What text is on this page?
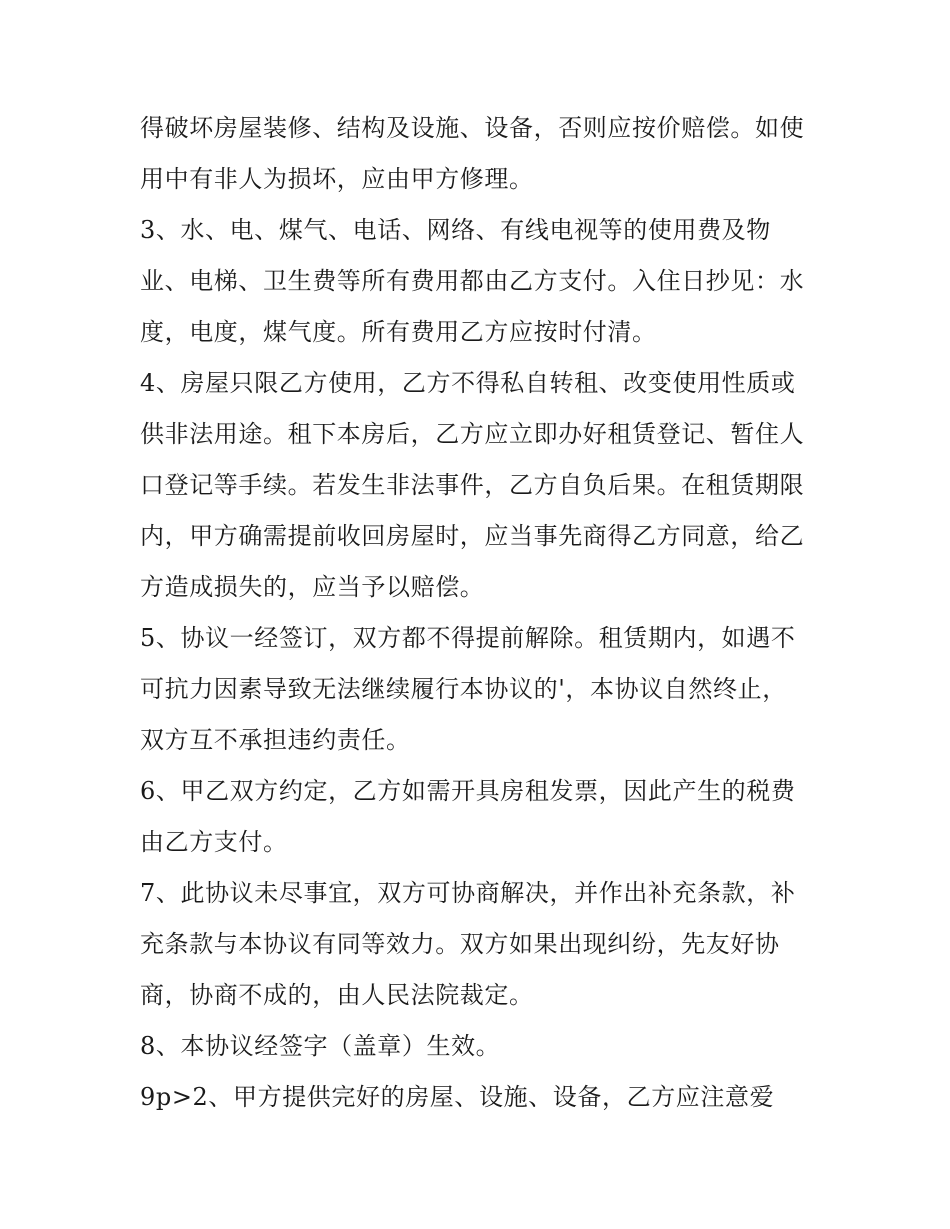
得破坏房屋装修、结构及设施、设备，否则应按价赔偿。如使
用中有非人为损坏，应由甲方修理。
3、水、电、煤气、电话、网络、有线电视等的使用费及物
业、电梯、卫生费等所有费用都由乙方支付。入住日抄见：水
度，电度，煤气度。所有费用乙方应按时付清。
4、房屋只限乙方使用，乙方不得私自转租、改变使用性质或
供非法用途。租下本房后，乙方应立即办好租赁登记、暂住人
口登记等手续。若发生非法事件，乙方自负后果。在租赁期限
内，甲方确需提前收回房屋时，应当事先商得乙方同意，给乙
方造成损失的，应当予以赔偿。
5、协议一经签订，双方都不得提前解除。租赁期内，如遇不
可抗力因素导致无法继续履行本协议的'，本协议自然终止，
双方互不承担违约责任。
6、甲乙双方约定，乙方如需开具房租发票，因此产生的税费
由乙方支付。
7、此协议未尽事宜，双方可协商解决，并作出补充条款，补
充条款与本协议有同等效力。双方如果出现纠纷，先友好协
商，协商不成的，由人民法院裁定。
8、本协议经签字（盖章）生效。
9p>2、甲方提供完好的房屋、设施、设备，乙方应注意爱
